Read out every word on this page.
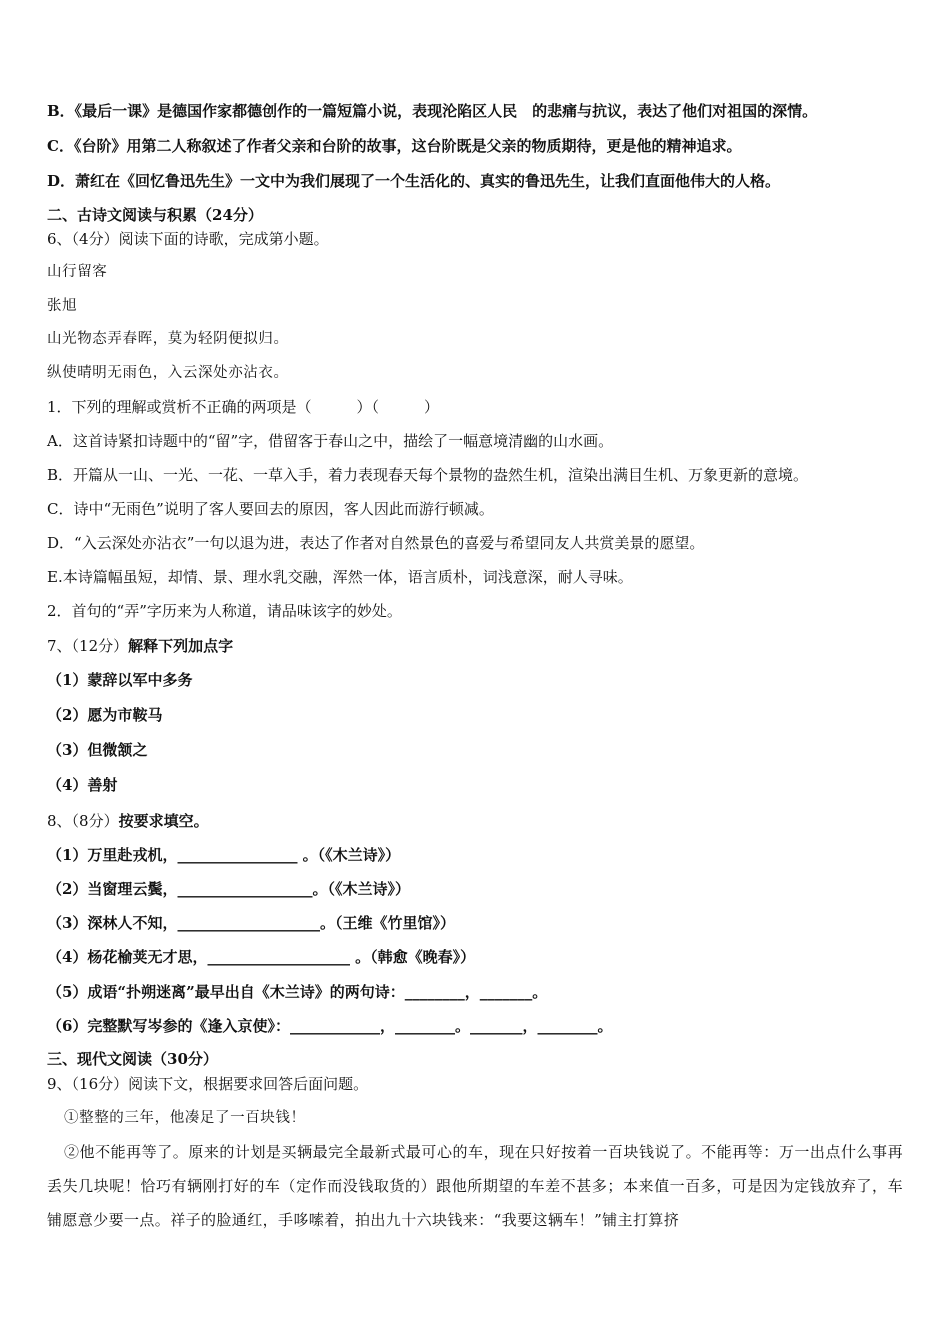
B．《最后一课》是德国作家都德创作的一篇短篇小说，表现沦陷区人民　的悲痛与抗议，表达了他们对祖国的深情。
C．《台阶》用第二人称叙述了作者父亲和台阶的故事，这台阶既是父亲的物质期待，更是他的精神追求。
D．萧红在《回忆鲁迅先生》一文中为我们展现了一个生活化的、真实的鲁迅先生，让我们直面他伟大的人格。
二、古诗文阅读与积累（24分）
6、（4分）阅读下面的诗歌，完成第小题。
山行留客
张旭
山光物态弄春晖，莫为轻阴便拟归。
纵使晴明无雨色，入云深处亦沾衣。
1．下列的理解或赏析不正确的两项是（　　　）（　　　）
A．这首诗紧扣诗题中的“留”字，借留客于春山之中，描绘了一幅意境清幽的山水画。
B．开篇从一山、一光、一花、一草入手，着力表现春天每个景物的盎然生机，渲染出满目生机、万象更新的意境。
C．诗中“无雨色”说明了客人要回去的原因，客人因此而游行顿减。
D．“入云深处亦沾衣”一句以退为进，表达了作者对自然景色的喜爱与希望同友人共赏美景的愿望。
E.本诗篇幅虽短，却情、景、理水乳交融，浑然一体，语言质朴，词浅意深，耐人寻味。
2．首句的“弄”字历来为人称道，请品味该字的妙处。
7、（12分）解释下列加点字
（1）蒙辞以军中多务
（2）愿为市鞍马
（3）但微颔之
（4）善射
8、（8分）按要求填空。
（1）万里赴戎机，________________ 。（《木兰诗》）
（2）当窗理云鬓，__________________。（《木兰诗》）
（3）深林人不知，___________________。（王维《竹里馆》）
（4）杨花榆荚无才思，___________________ 。（韩愈《晚春》）
（5）成语“扑朔迷离”最早出自《木兰诗》的两句诗：________，_______。
（6）完整默写岑参的《逢入京使》：____________，________。_______，________。
三、现代文阅读（30分）
9、（16分）阅读下文，根据要求回答后面问题。
①整整的三年，他凑足了一百块钱！
②他不能再等了。原来的计划是买辆最完全最新式最可心的车，现在只好按着一百块钱说了。不能再等：万一出点什么事再丢失几块呢！恰巧有辆刚打好的车（定作而没钱取货的）跟他所期望的车差不甚多；本来值一百多，可是因为定钱放弃了，车铺愿意少要一点。祥子的脸通红，手哆嗦着，拍出九十六块钱来：“我要这辆车！”铺主打算挤
